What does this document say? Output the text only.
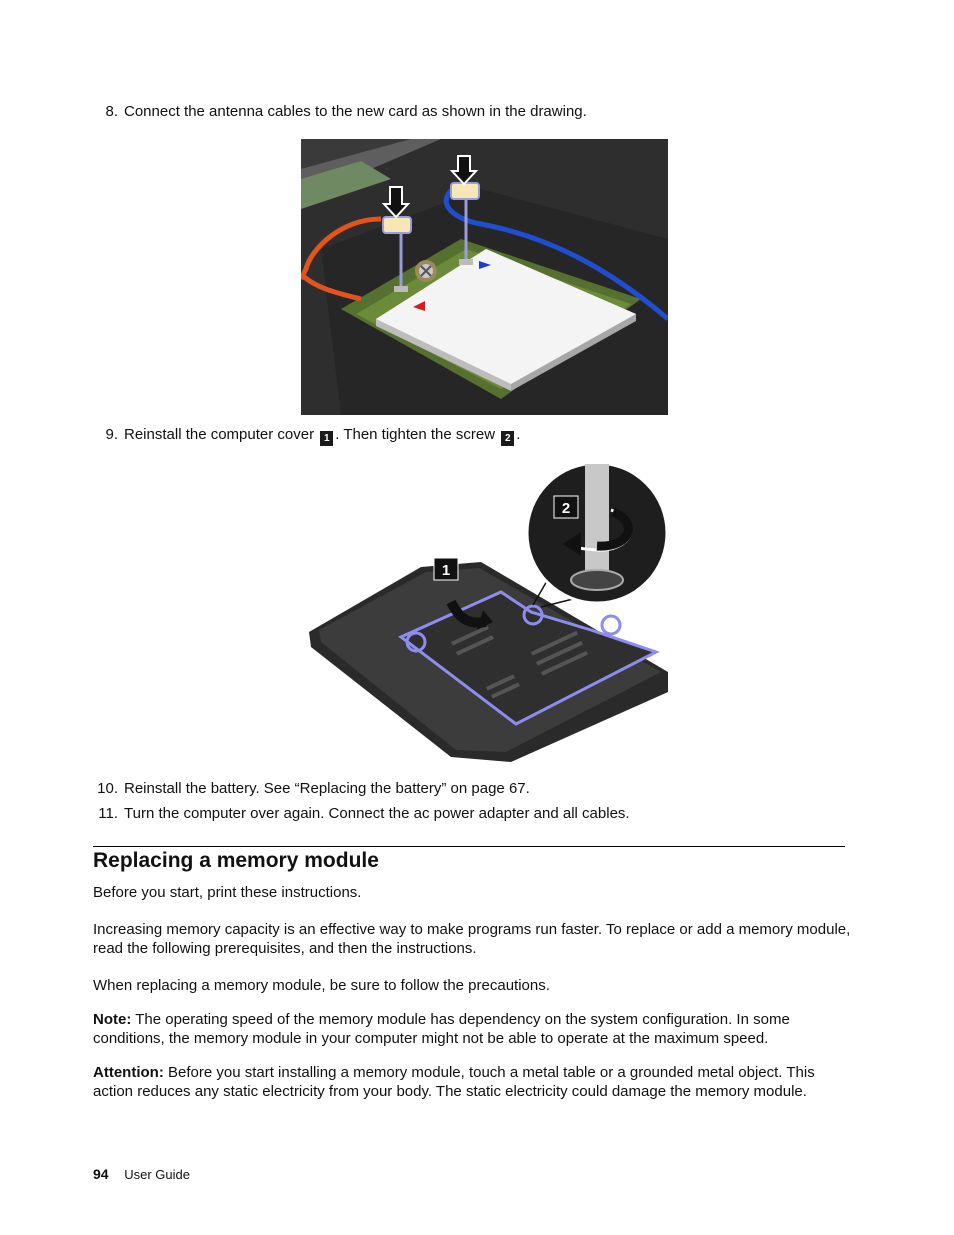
8. Connect the antenna cables to the new card as shown in the drawing.
9. Reinstall the computer cover 1 . Then tighten the screw 2 .
1
2
10. Reinstall the battery. See “Replacing the battery” on page 67.
11. Turn the computer over again. Connect the ac power adapter and all cables.
Replacing a memory module

Before you start, print these instructions.

Increasing memory capacity is an effective way to make programs run faster. To replace or add a memory module, read the following prerequisites, and then the instructions.

When replacing a memory module, be sure to follow the precautions.

Note: The operating speed of the memory module has dependency on the system configuration. In some conditions, the memory module in your computer might not be able to operate at the maximum speed.

Attention: Before you start installing a memory module, touch a metal table or a grounded metal object. This action reduces any static electricity from your body. The static electricity could damage the memory module.

94 User Guide
